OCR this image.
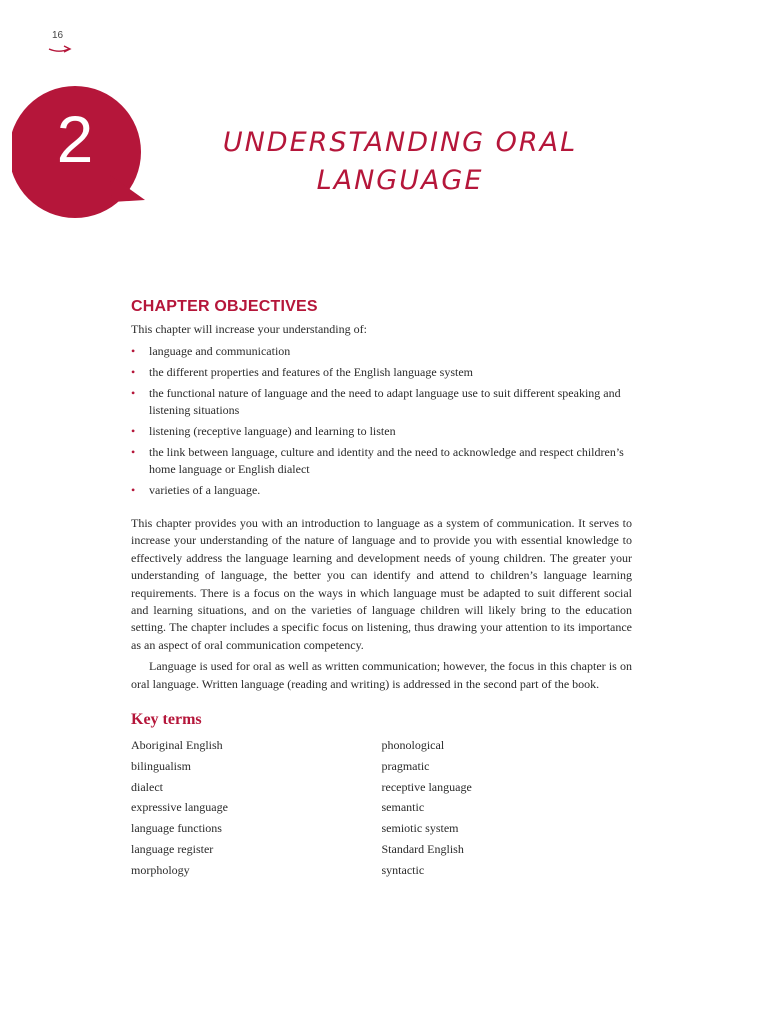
16
2	UNDERSTANDING ORAL
LANGUAGE
CHAPTER OBJECTIVES

This chapter will increase your understanding of:

• language and communication
• the different properties and features of the English language system
• the functional nature of language and the need to adapt language use to suit different speaking and listening situations
• listening (receptive language) and learning to listen
• the link between language, culture and identity and the need to acknowledge and respect children’s home language or English dialect
• varieties of a language.

This chapter provides you with an introduction to language as a system of communication. It serves to increase your understanding of the nature of language and to provide you with essential knowledge to effectively address the language learning and development needs of young children. The greater your understanding of language, the better you can identify and attend to children’s language learning requirements. There is a focus on the ways in which language must be adapted to suit different social and learning situations, and on the varieties of language children will likely bring to the education setting. The chapter includes a specific focus on listening, thus drawing your attention to its importance as an aspect of oral communication competency.

Language is used for oral as well as written communication; however, the focus in this chapter is on oral language. Written language (reading and writing) is addressed in the second part of the book.

Key terms
Aboriginal English
bilingualism
dialect
expressive language
language functions
language register
morphology
phonological
pragmatic
receptive language
semantic
semiotic system
Standard English
syntactic
